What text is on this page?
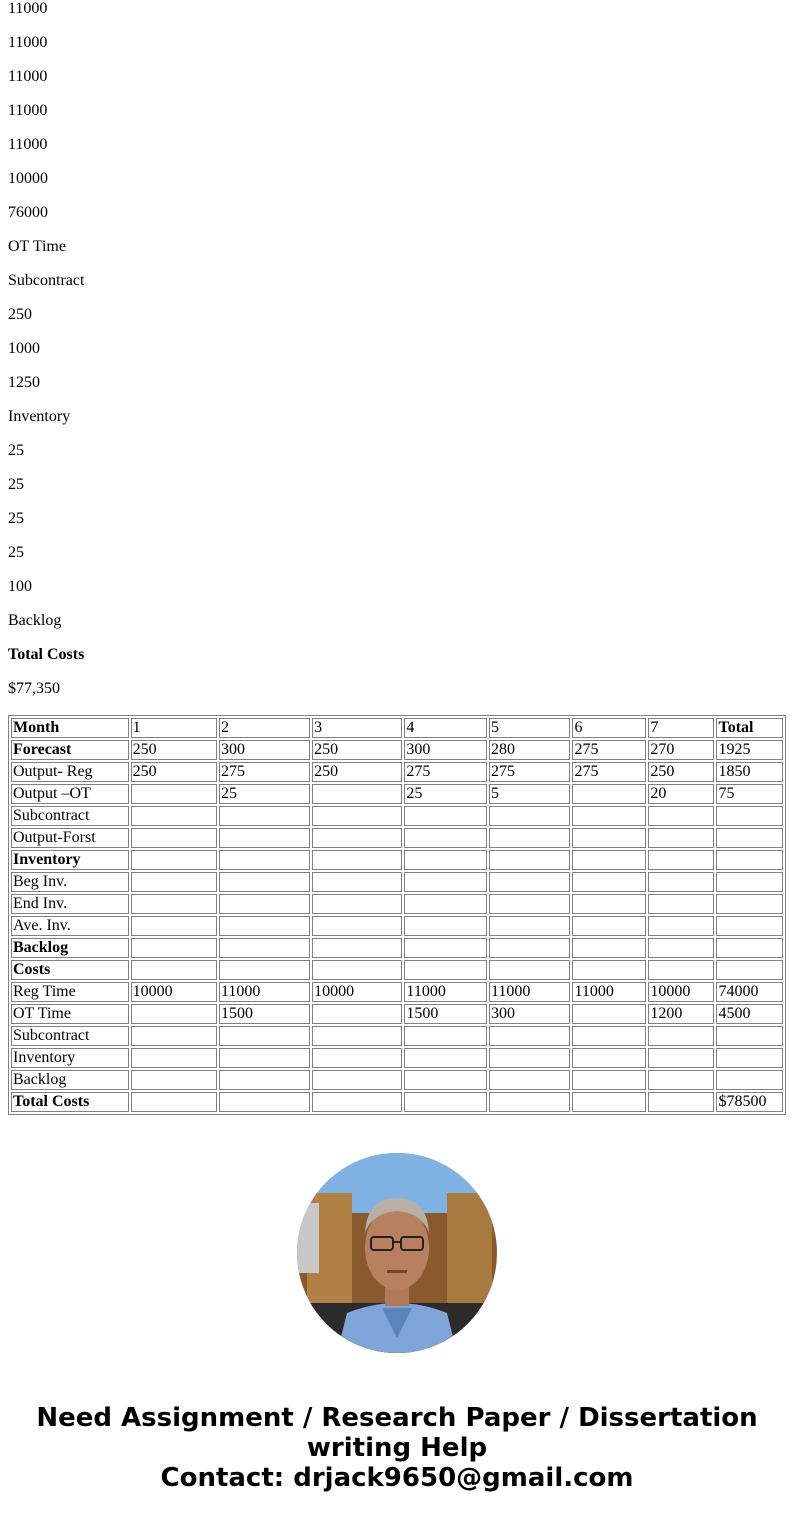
11000
11000
11000
11000
11000
10000
76000
OT Time
Subcontract
250
1000
1250
Inventory
25
25
25
25
100
Backlog
Total Costs
$77,350
Month	1	2	3	4	5	6	7	Total
Forecast	250	300	250	300	280	275	270	1925
Output- Reg	250	275	250	275	275	275	250	1850
Output –OT		25		25	5		20	75
Subcontract								
Output-Forst								
Inventory								
Beg Inv.								
End Inv.								
Ave. Inv.								
Backlog								
Costs								
Reg Time	10000	11000	10000	11000	11000	11000	10000	74000
OT Time		1500		1500	300		1200	4500
Subcontract								
Inventory								
Backlog								
Total Costs								$78500
Need Assignment / Research Paper / Dissertation
writing Help
Contact: drjack9650@gmail.com
